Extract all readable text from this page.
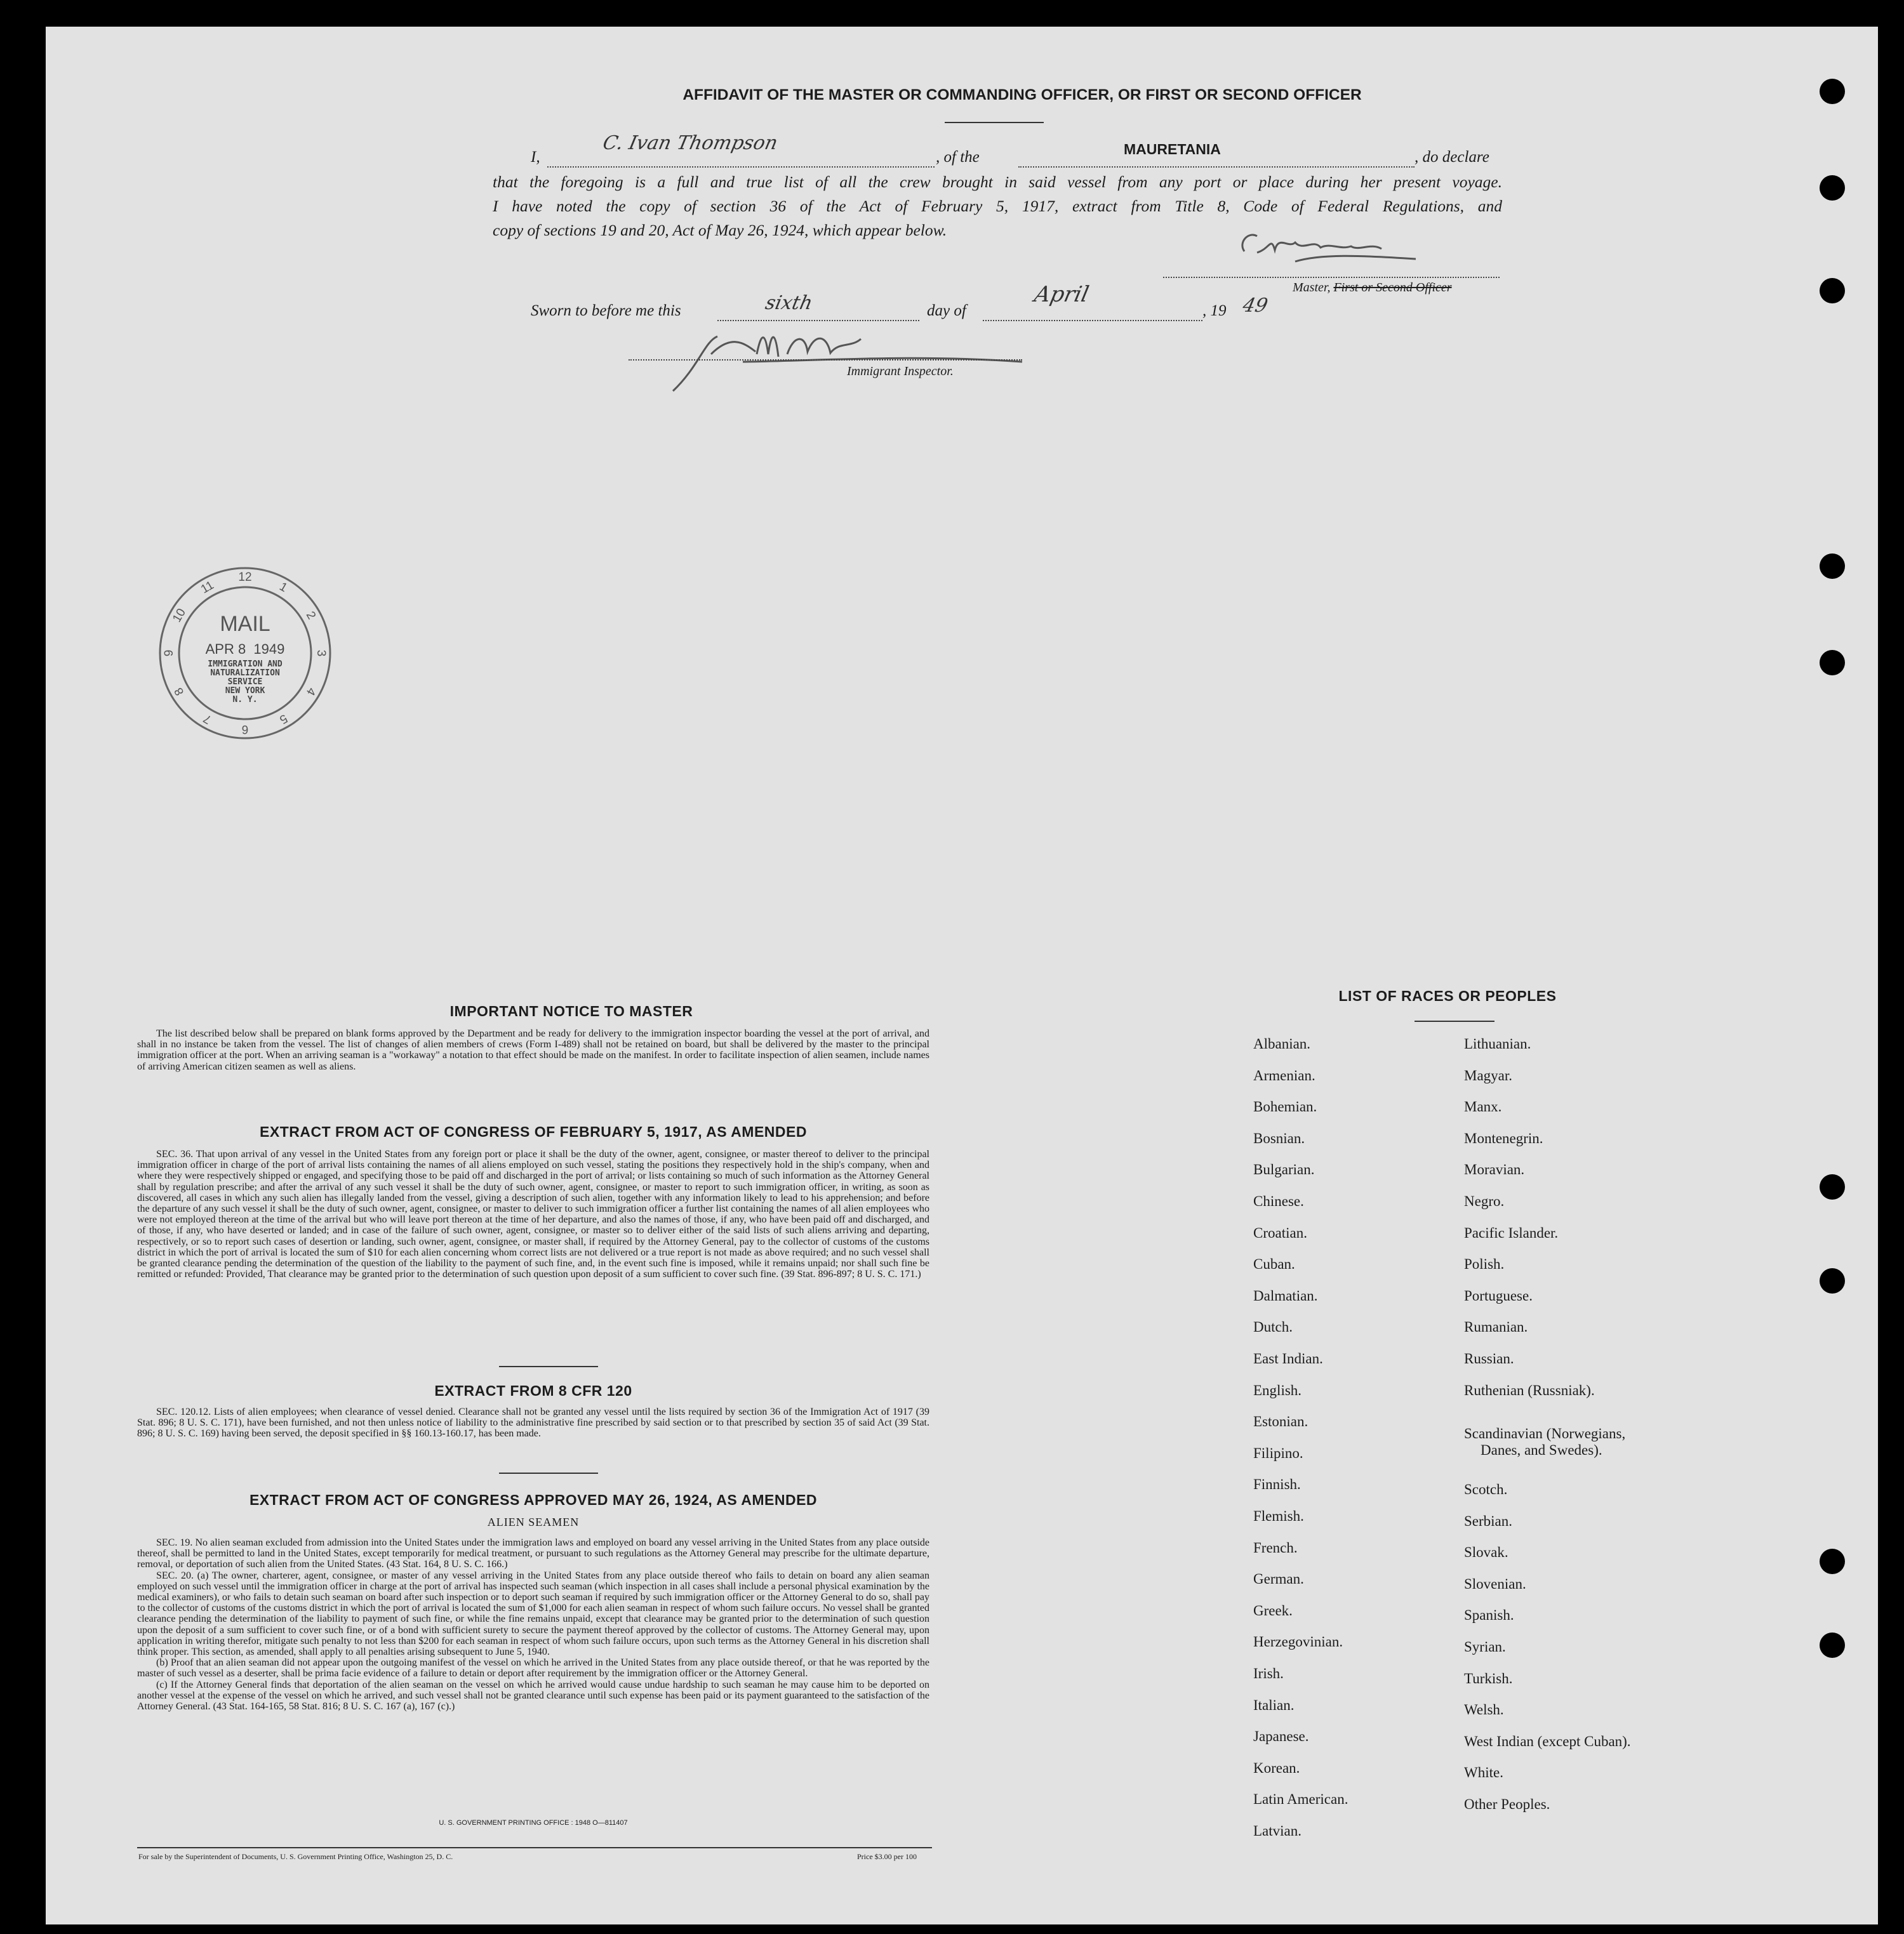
AFFIDAVIT OF THE MASTER OR COMMANDING OFFICER, OR FIRST OR SECOND OFFICER
I,
C. Ivan Thompson
, of the	MAURETANIA	, do declare
that the foregoing is a full and true list of all the crew brought in said vessel from any port or place during her present voyage.
I have noted the copy of section 36 of the Act of February 5, 1917, extract from Title 8, Code of Federal Regulations, and
copy of sections 19 and 20, Act of May 26, 1924, which appear below.
Master, First or Second Officer
Sworn to before me this	sixth	day of
April
, 19 49
Immigrant Inspector.
12
1
2
3
4
5
6
7
8
9
10
11
MAIL
APR 8  1949
IMMIGRATION AND
NATURALIZATION
SERVICE
NEW YORK
N. Y.
IMPORTANT NOTICE TO MASTER

The list described below shall be prepared on blank forms approved by the Department and be ready for delivery to the immigration inspector boarding the vessel at the port of arrival, and shall in no instance be taken from the vessel. The list of changes of alien members of crews (Form I-489) shall not be retained on board, but shall be delivered by the master to the principal immigration officer at the port. When an arriving seaman is a "workaway" a notation to that effect should be made on the manifest. In order to facilitate inspection of alien seamen, include names of arriving American citizen seamen as well as aliens.

EXTRACT FROM ACT OF CONGRESS OF FEBRUARY 5, 1917, AS AMENDED

SEC. 36. That upon arrival of any vessel in the United States from any foreign port or place it shall be the duty of the owner, agent, consignee, or master thereof to deliver to the principal immigration officer in charge of the port of arrival lists containing the names of all aliens employed on such vessel, stating the positions they respectively hold in the ship's company, when and where they were respectively shipped or engaged, and specifying those to be paid off and discharged in the port of arrival; or lists containing so much of such information as the Attorney General shall by regulation prescribe; and after the arrival of any such vessel it shall be the duty of such owner, agent, consignee, or master to report to such immigration officer, in writing, as soon as discovered, all cases in which any such alien has illegally landed from the vessel, giving a description of such alien, together with any information likely to lead to his apprehension; and before the departure of any such vessel it shall be the duty of such owner, agent, consignee, or master to deliver to such immigration officer a further list containing the names of all alien employees who were not employed thereon at the time of the arrival but who will leave port thereon at the time of her departure, and also the names of those, if any, who have been paid off and discharged, and of those, if any, who have deserted or landed; and in case of the failure of such owner, agent, consignee, or master so to deliver either of the said lists of such aliens arriving and departing, respectively, or so to report such cases of desertion or landing, such owner, agent, consignee, or master shall, if required by the Attorney General, pay to the collector of customs of the customs district in which the port of arrival is located the sum of $10 for each alien concerning whom correct lists are not delivered or a true report is not made as above required; and no such vessel shall be granted clearance pending the determination of the question of the liability to the payment of such fine, and, in the event such fine is imposed, while it remains unpaid; nor shall such fine be remitted or refunded: Provided, That clearance may be granted prior to the determination of such question upon deposit of a sum sufficient to cover such fine. (39 Stat. 896-897; 8 U. S. C. 171.)

EXTRACT FROM 8 CFR 120

SEC. 120.12. Lists of alien employees; when clearance of vessel denied. Clearance shall not be granted any vessel until the lists required by section 36 of the Immigration Act of 1917 (39 Stat. 896; 8 U. S. C. 171), have been furnished, and not then unless notice of liability to the administrative fine prescribed by said section or to that prescribed by section 35 of said Act (39 Stat. 896; 8 U. S. C. 169) having been served, the deposit specified in §§ 160.13-160.17, has been made.

EXTRACT FROM ACT OF CONGRESS APPROVED MAY 26, 1924, AS AMENDED
ALIEN SEAMEN

SEC. 19. No alien seaman excluded from admission into the United States under the immigration laws and employed on board any vessel arriving in the United States from any place outside thereof, shall be permitted to land in the United States, except temporarily for medical treatment, or pursuant to such regulations as the Attorney General may prescribe for the ultimate departure, removal, or deportation of such alien from the United States. (43 Stat. 164, 8 U. S. C. 166.)

SEC. 20. (a) The owner, charterer, agent, consignee, or master of any vessel arriving in the United States from any place outside thereof who fails to detain on board any alien seaman employed on such vessel until the immigration officer in charge at the port of arrival has inspected such seaman (which inspection in all cases shall include a personal physical examination by the medical examiners), or who fails to detain such seaman on board after such inspection or to deport such seaman if required by such immigration officer or the Attorney General to do so, shall pay to the collector of customs of the customs district in which the port of arrival is located the sum of $1,000 for each alien seaman in respect of whom such failure occurs. No vessel shall be granted clearance pending the determination of the liability to payment of such fine, or while the fine remains unpaid, except that clearance may be granted prior to the determination of such question upon the deposit of a sum sufficient to cover such fine, or of a bond with sufficient surety to secure the payment thereof approved by the collector of customs. The Attorney General may, upon application in writing therefor, mitigate such penalty to not less than $200 for each seaman in respect of whom such failure occurs, upon such terms as the Attorney General in his discretion shall think proper. This section, as amended, shall apply to all penalties arising subsequent to June 5, 1940.

(b) Proof that an alien seaman did not appear upon the outgoing manifest of the vessel on which he arrived in the United States from any place outside thereof, or that he was reported by the master of such vessel as a deserter, shall be prima facie evidence of a failure to detain or deport after requirement by the immigration officer or the Attorney General.

(c) If the Attorney General finds that deportation of the alien seaman on the vessel on which he arrived would cause undue hardship to such seaman he may cause him to be deported on another vessel at the expense of the vessel on which he arrived, and such vessel shall not be granted clearance until such expense has been paid or its payment guaranteed to the satisfaction of the Attorney General. (43 Stat. 164-165, 58 Stat. 816; 8 U. S. C. 167 (a), 167 (c).)

U. S. GOVERNMENT PRINTING OFFICE : 1948 O—811407
For sale by the Superintendent of Documents, U. S. Government Printing Office, Washington 25, D. C.	Price $3.00 per 100
LIST OF RACES OR PEOPLES
Albanian.
Armenian.
Bohemian.
Bosnian.
Bulgarian.
Chinese.
Croatian.
Cuban.
Dalmatian.
Dutch.
East Indian.
English.
Estonian.
Filipino.
Finnish.
Flemish.
French.
German.
Greek.
Herzegovinian.
Irish.
Italian.
Japanese.
Korean.
Latin American.
Latvian.
Lithuanian.
Magyar.
Manx.
Montenegrin.
Moravian.
Negro.
Pacific Islander.
Polish.
Portuguese.
Rumanian.
Russian.
Ruthenian (Russniak).
Scandinavian (Norwegians,
Danes, and Swedes).
Scotch.
Serbian.
Slovak.
Slovenian.
Spanish.
Syrian.
Turkish.
Welsh.
West Indian (except Cuban).
White.
Other Peoples.
